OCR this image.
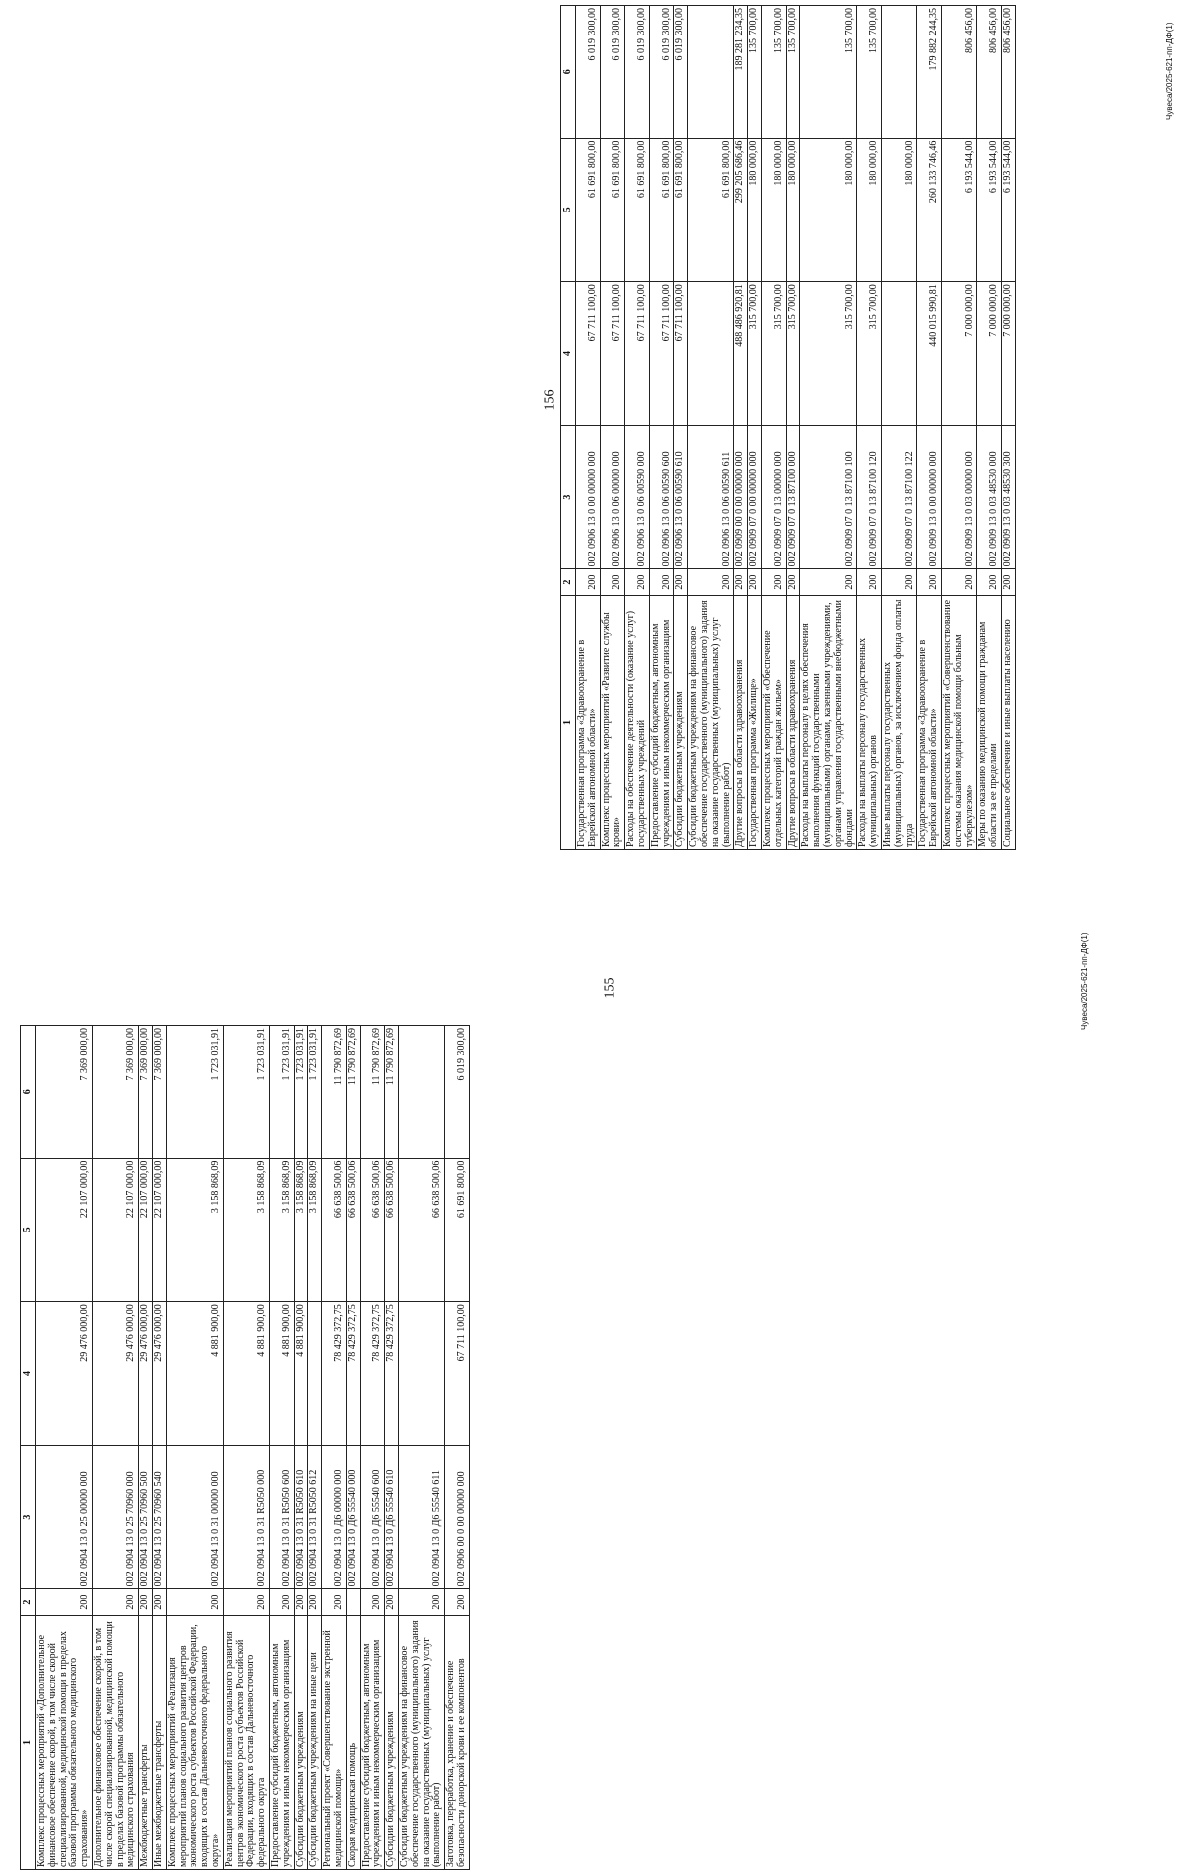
155
1	2	3	4	5	6
Комплекс процессных мероприятий «Дополнительное финансовое обеспечение скорой, в том числе скорой специализированной, медицинской помощи в пределах базовой программы обязательного медицинского страхования»	200	002 0904 13 0 25 00000 000	29 476 000,00	22 107 000,00	7 369 000,00
Дополнительное финансовое обеспечение скорой, в том числе скорой специализированной, медицинской помощи в пределах базовой программы обязательного медицинского страхования	200	002 0904 13 0 25 70960 000	29 476 000,00	22 107 000,00	7 369 000,00
Межбюджетные трансферты	200	002 0904 13 0 25 70960 500	29 476 000,00	22 107 000,00	7 369 000,00
Иные межбюджетные трансферты	200	002 0904 13 0 25 70960 540	29 476 000,00	22 107 000,00	7 369 000,00
Комплекс процессных мероприятий «Реализация мероприятий планов социального развития центров экономического роста субъектов Российской Федерации, входящих в состав Дальневосточного федерального округа»	200	002 0904 13 0 31 00000 000	4 881 900,00	3 158 868,09	1 723 031,91
Реализация мероприятий планов социального развития центров экономического роста субъектов Российской Федерации, входящих в состав Дальневосточного федерального округа	200	002 0904 13 0 31 R5050 000	4 881 900,00	3 158 868,09	1 723 031,91
Предоставление субсидий бюджетным, автономным учреждениям и иным некоммерческим организациям	200	002 0904 13 0 31 R5050 600	4 881 900,00	3 158 868,09	1 723 031,91
Субсидии бюджетным учреждениям	200	002 0904 13 0 31 R5050 610	4 881 900,00	3 158 868,09	1 723 031,91
Субсидии бюджетным учреждениям на иные цели	200	002 0904 13 0 31 R5050 612		3 158 868,09	1 723 031,91
Региональный проект «Совершенствование экстренной медицинской помощи»	200	002 0904 13 0 Д6 00000 000	78 429 372,75	66 638 500,06	11 790 872,69
Скорая медицинская помощь		002 0904 13 0 Д6 55540 000	78 429 372,75	66 638 500,06	11 790 872,69
Предоставление субсидий бюджетным, автономным учреждениям и иным некоммерческим организациям	200	002 0904 13 0 Д6 55540 600	78 429 372,75	66 638 500,06	11 790 872,69
Субсидии бюджетным учреждениям	200	002 0904 13 0 Д6 55540 610	78 429 372,75	66 638 500,06	11 790 872,69
Субсидии бюджетным учреждениям на финансовое обеспечение государственного (муниципального) задания на оказание государственных (муниципальных) услуг (выполнение работ)	200	002 0904 13 0 Д6 55540 611		66 638 500,06	
Заготовка, переработка, хранение и обеспечение безопасности донорской крови и ее компонентов	200	002 0906 00 0 00 00000 000	67 711 100,00	61 691 800,00	6 019 300,00
Чувеса/2025-621-пп-ДФ(1)
156
1	2	3	4	5	6
Государственная программа «Здравоохранение в Еврейской автономной области»	200	002 0906 13 0 00 00000 000	67 711 100,00	61 691 800,00	6 019 300,00
Комплекс процессных мероприятий «Развитие службы крови»	200	002 0906 13 0 06 00000 000	67 711 100,00	61 691 800,00	6 019 300,00
Расходы на обеспечение деятельности (оказание услуг) государственных учреждений	200	002 0906 13 0 06 00590 000	67 711 100,00	61 691 800,00	6 019 300,00
Предоставление субсидий бюджетным, автономным учреждениям и иным некоммерческим организациям	200	002 0906 13 0 06 00590 600	67 711 100,00	61 691 800,00	6 019 300,00
Субсидии бюджетным учреждениям	200	002 0906 13 0 06 00590 610	67 711 100,00	61 691 800,00	6 019 300,00
Субсидии бюджетным учреждениям на финансовое обеспечение государственного (муниципального) задания на оказание государственных (муниципальных) услуг (выполнение работ)	200	002 0906 13 0 06 00590 611		61 691 800,00	
Другие вопросы в области здравоохранения	200	002 0909 00 0 00 00000 000	488 486 920,81	299 205 686,46	189 281 234,35
Государственная программа «Жилище»	200	002 0909 07 0 00 00000 000	315 700,00	180 000,00	135 700,00
Комплекс процессных мероприятий «Обеспечение отдельных категорий граждан жильем»	200	002 0909 07 0 13 00000 000	315 700,00	180 000,00	135 700,00
Другие вопросы в области здравоохранения	200	002 0909 07 0 13 87100 000	315 700,00	180 000,00	135 700,00
Расходы на выплаты персоналу в целях обеспечения выполнения функций государственными (муниципальными) органами, казенными учреждениями, органами управления государственными внебюджетными фондами	200	002 0909 07 0 13 87100 100	315 700,00	180 000,00	135 700,00
Расходы на выплаты персоналу государственных (муниципальных) органов	200	002 0909 07 0 13 87100 120	315 700,00	180 000,00	135 700,00
Иные выплаты персоналу государственных (муниципальных) органов, за исключением фонда оплаты труда	200	002 0909 07 0 13 87100 122		180 000,00	
Государственная программа «Здравоохранение в Еврейской автономной области»	200	002 0909 13 0 00 00000 000	440 015 990,81	260 133 746,46	179 882 244,35
Комплекс процессных мероприятий «Совершенствование системы оказания медицинской помощи больным туберкулезом»	200	002 0909 13 0 03 00000 000	7 000 000,00	6 193 544,00	806 456,00
Меры по оказанию медицинской помощи гражданам области за ее пределами	200	002 0909 13 0 03 48530 000	7 000 000,00	6 193 544,00	806 456,00
Социальное обеспечение и иные выплаты населению	200	002 0909 13 0 03 48530 300	7 000 000,00	6 193 544,00	806 456,00	Чувеса/2025-621-пп-ДФ(1)
